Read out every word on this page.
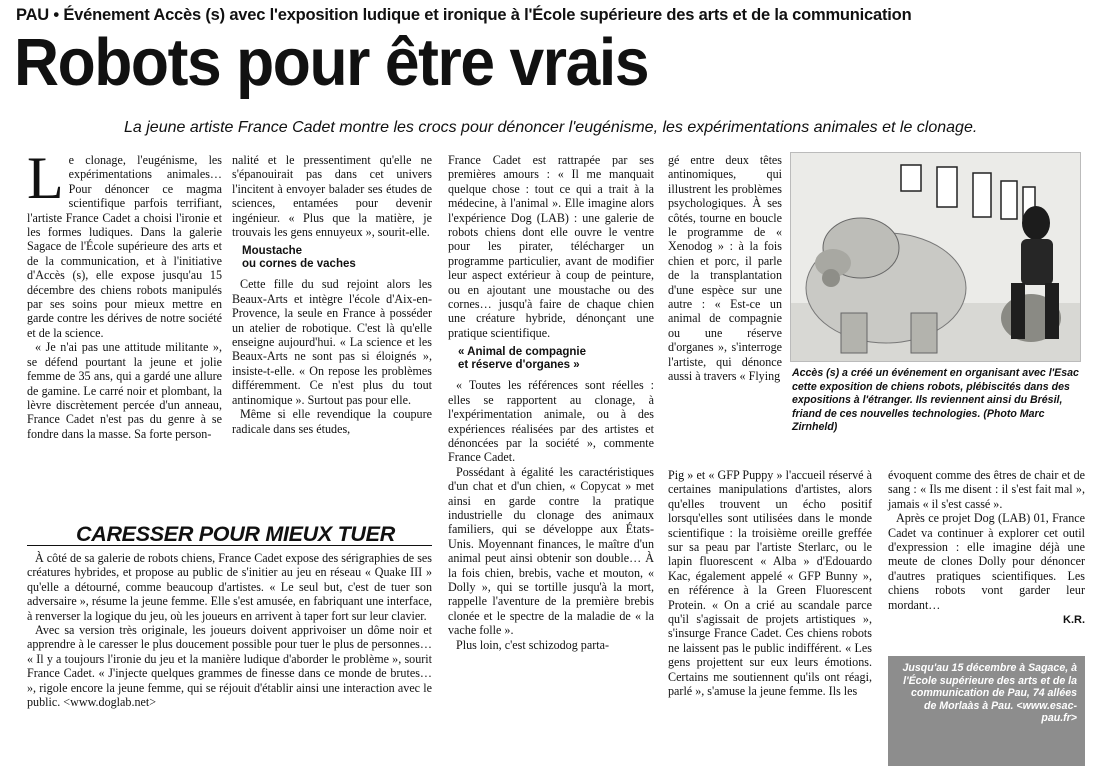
PAU • Événement Accès (s) avec l'exposition ludique et ironique à l'École supérieure des arts et de la communication
Robots pour être vrais
La jeune artiste France Cadet montre les crocs pour dénoncer l'eugénisme, les expérimentations animales et le clonage.
L e clonage, l'eugénisme, les expérimentations animales… Pour dénoncer ce magma scientifique parfois terrifiant, l'artiste France Cadet a choisi l'ironie et les formes ludiques. Dans la galerie Sagace de l'École supérieure des arts et de la communication, et à l'initiative d'Accès (s), elle expose jusqu'au 15 décembre des chiens robots manipulés par ses soins pour mieux mettre en garde contre les dérives de notre société et de la science.

« Je n'ai pas une attitude militante », se défend pourtant la jeune et jolie femme de 35 ans, qui a gardé une allure de gamine. Le carré noir et plombant, la lèvre discrètement percée d'un anneau, France Cadet n'est pas du genre à se fondre dans la masse. Sa forte person-

nalité et le pressentiment qu'elle ne s'épanouirait pas dans cet univers l'incitent à envoyer balader ses études de sciences, entamées pour devenir ingénieur. « Plus que la matière, je trouvais les gens ennuyeux », sourit-elle.

Moustache
ou cornes de vaches

Cette fille du sud rejoint alors les Beaux-Arts et intègre l'école d'Aix-en-Provence, la seule en France à posséder un atelier de robotique. C'est là qu'elle enseigne aujourd'hui. « La science et les Beaux-Arts ne sont pas si éloignés », insiste-t-elle. « On repose les problèmes différemment. Ce n'est plus du tout antinomique ». Surtout pas pour elle.

Même si elle revendique la coupure radicale dans ses études,

France Cadet est rattrapée par ses premières amours : « Il me manquait quelque chose : tout ce qui a trait à la médecine, à l'animal ». Elle imagine alors l'expérience Dog (LAB) : une galerie de robots chiens dont elle ouvre le ventre pour les pirater, télécharger un programme particulier, avant de modifier leur aspect extérieur à coup de peinture, ou en ajoutant une moustache ou des cornes… jusqu'à faire de chaque chien une créature hybride, dénonçant une pratique scientifique.

« Animal de compagnie
et réserve d'organes »

« Toutes les références sont réelles : elles se rapportent au clonage, à l'expérimentation animale, ou à des expériences réalisées par des artistes et dénoncées par la société », commente France Cadet.

Possédant à égalité les caractéristiques d'un chat et d'un chien, « Copycat » met ainsi en garde contre la pratique industrielle du clonage des animaux familiers, qui se développe aux États-Unis. Moyennant finances, le maître d'un animal peut ainsi obtenir son double… À la fois chien, brebis, vache et mouton, « Dolly », qui se tortille jusqu'à la mort, rappelle l'aventure de la première brebis clonée et le spectre de la maladie de « la vache folle ».

Plus loin, c'est schizodog parta-

gé entre deux têtes antinomiques, qui illustrent les problèmes psychologiques. À ses côtés, tourne en boucle le programme de « Xenodog » : à la fois chien et porc, il parle de la transplantation d'une espèce sur une autre : « Est-ce un animal de compagnie ou une réserve d'organes », s'interroge l'artiste, qui dénonce aussi à travers « Flying

Pig » et « GFP Puppy » l'accueil réservé à certaines manipulations d'artistes, alors qu'elles trouvent un écho positif lorsqu'elles sont utilisées dans le monde scientifique : la troisième oreille greffée sur sa peau par l'artiste Sterlarc, ou le lapin fluorescent « Alba » d'Edouardo Kac, également appelé « GFP Bunny », en référence à la Green Fluorescent Protein. « On a crié au scandale parce qu'il s'agissait de projets artistiques », s'insurge France Cadet. Ces chiens robots ne laissent pas le public indifférent. « Les gens projettent sur eux leurs émotions. Certains me soutiennent qu'ils ont réagi, parlé », s'amuse la jeune femme. Ils les

évoquent comme des êtres de chair et de sang : « Ils me disent : il s'est fait mal », jamais « il s'est cassé ».

Après ce projet Dog (LAB) 01, France Cadet va continuer à explorer cet outil d'expression : elle imagine déjà une meute de clones Dolly pour dénoncer d'autres pratiques scientifiques. Les chiens robots vont garder leur mordant…

K.R.
Accès (s) a créé un événement en organisant avec l'Esac cette exposition de chiens robots, plébiscités dans des expositions à l'étranger. Ils reviennent ainsi du Brésil, friand de ces nouvelles technologies. (Photo Marc Zirnheld)
CARESSER POUR MIEUX TUER

À côté de sa galerie de robots chiens, France Cadet expose des sérigraphies de ses créatures hybrides, et propose au public de s'initier au jeu en réseau « Quake III » qu'elle a détourné, comme beaucoup d'artistes. « Le seul but, c'est de tuer son adversaire », résume la jeune femme. Elle s'est amusée, en fabriquant une interface, à renverser la logique du jeu, où les joueurs en arrivent à taper fort sur leur clavier.

Avec sa version très originale, les joueurs doivent apprivoiser un dôme noir et apprendre à le caresser le plus doucement possible pour tuer le plus de personnes… « Il y a toujours l'ironie du jeu et la manière ludique d'aborder le problème », sourit France Cadet. « J'injecte quelques grammes de finesse dans ce monde de brutes… », rigole encore la jeune femme, qui se réjouit d'établir ainsi une interaction avec le public. <www.doglab.net>

Jusqu'au 15 décembre à Sagace, à l'École supérieure des arts et de la communication de Pau, 74 allées de Morlaàs à Pau. <www.esac-pau.fr>
